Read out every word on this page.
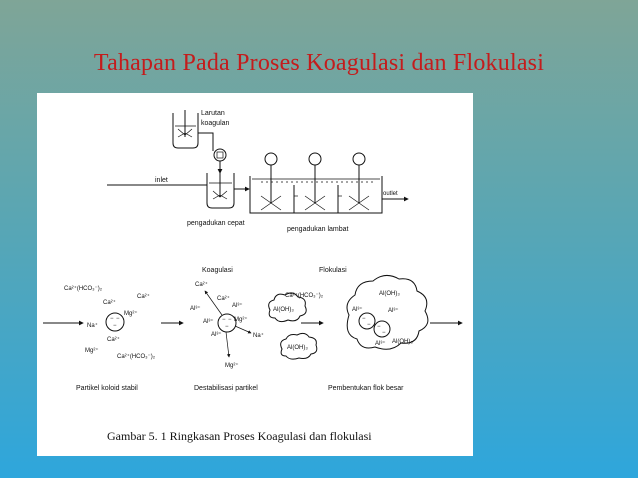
Tahapan Pada Proses Koagulasi dan Flokulasi
Larutan
koagulan
inlet
outlet
pengadukan cepat
pengadukan lambat
Koagulasi	Flokulasi
Ca²⁺(HCO₃⁻)₂
Ca²⁺
Ca²⁺
Mg²⁺
Na⁺
Ca²⁺
Mg²⁺
Ca²⁺(HCO₃⁻)₂
− −
−
Ca²⁺
Ca²⁺
Al³⁺
Al³⁺
Al³⁺	Mg²⁺
Al³⁺	Na⁺
Mg²⁺
− −
−
Al(OH)₃
Ca²⁺(HCO₃⁻)₂
Al(OH)₃
Al(OH)₃
Al³⁺	Al³⁺
Al³⁺ Al(OH)₃
−
− −
−
Partikel koloid stabil	Destabilisasi partikel	Pembentukan flok besar
Gambar 5. 1 Ringkasan Proses Koagulasi dan flokulasi
